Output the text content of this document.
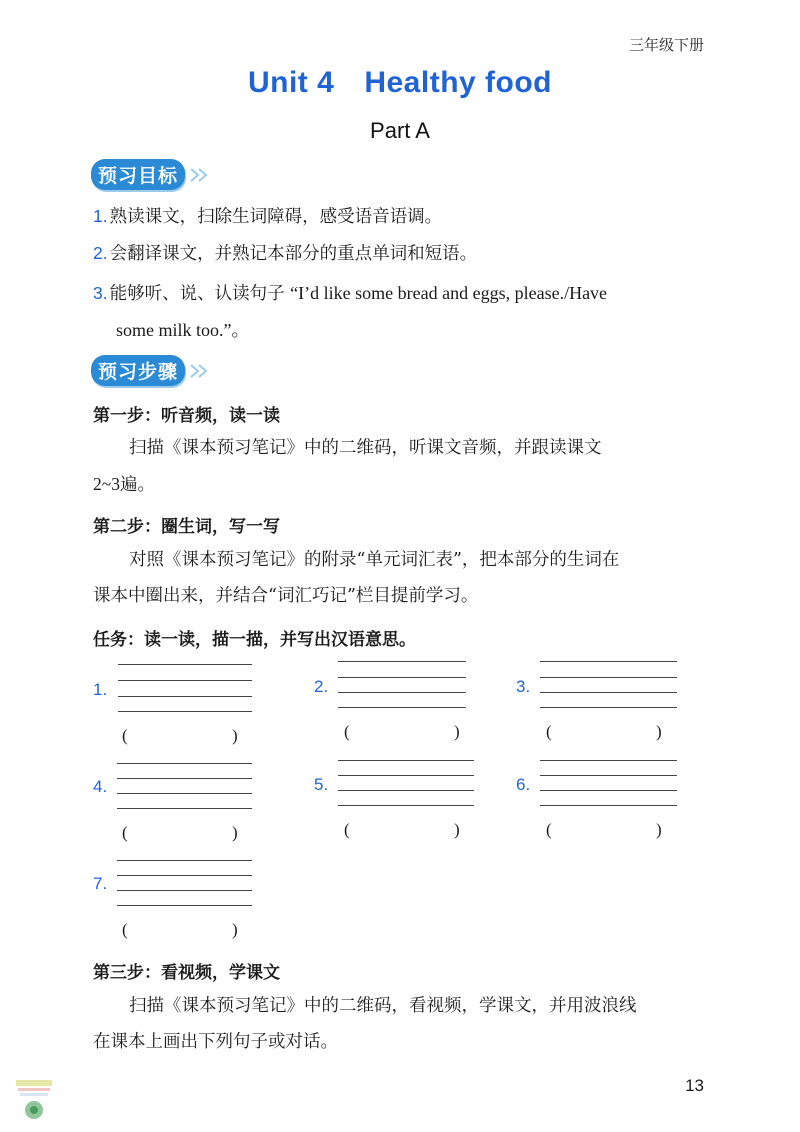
三年级下册
Unit 4 Healthy food
Part A
预习目标
1. 熟读课文，扫除生词障碍，感受语音语调。
2. 会翻译课文，并熟记本部分的重点单词和短语。
3. 能够听、说、认读句子 “I’d like some bread and eggs, please./Have
some milk too.”。
预习步骤
第一步：听音频，读一读
扫描《课本预习笔记》中的二维码，听课文音频，并跟读课文
2~3遍。
第二步：圈生词，写一写
对照《课本预习笔记》的附录“单元词汇表”，把本部分的生词在
课本中圈出来，并结合“词汇巧记”栏目提前学习。
任务：读一读，描一描，并写出汉语意思。
1.
(	)
2.
(	)
3.
(	)
4.
(	)
5.
(	)
6.
(	)
7.
(	)
第三步：看视频，学课文
扫描《课本预习笔记》中的二维码，看视频，学课文，并用波浪线
在课本上画出下列句子或对话。
13
